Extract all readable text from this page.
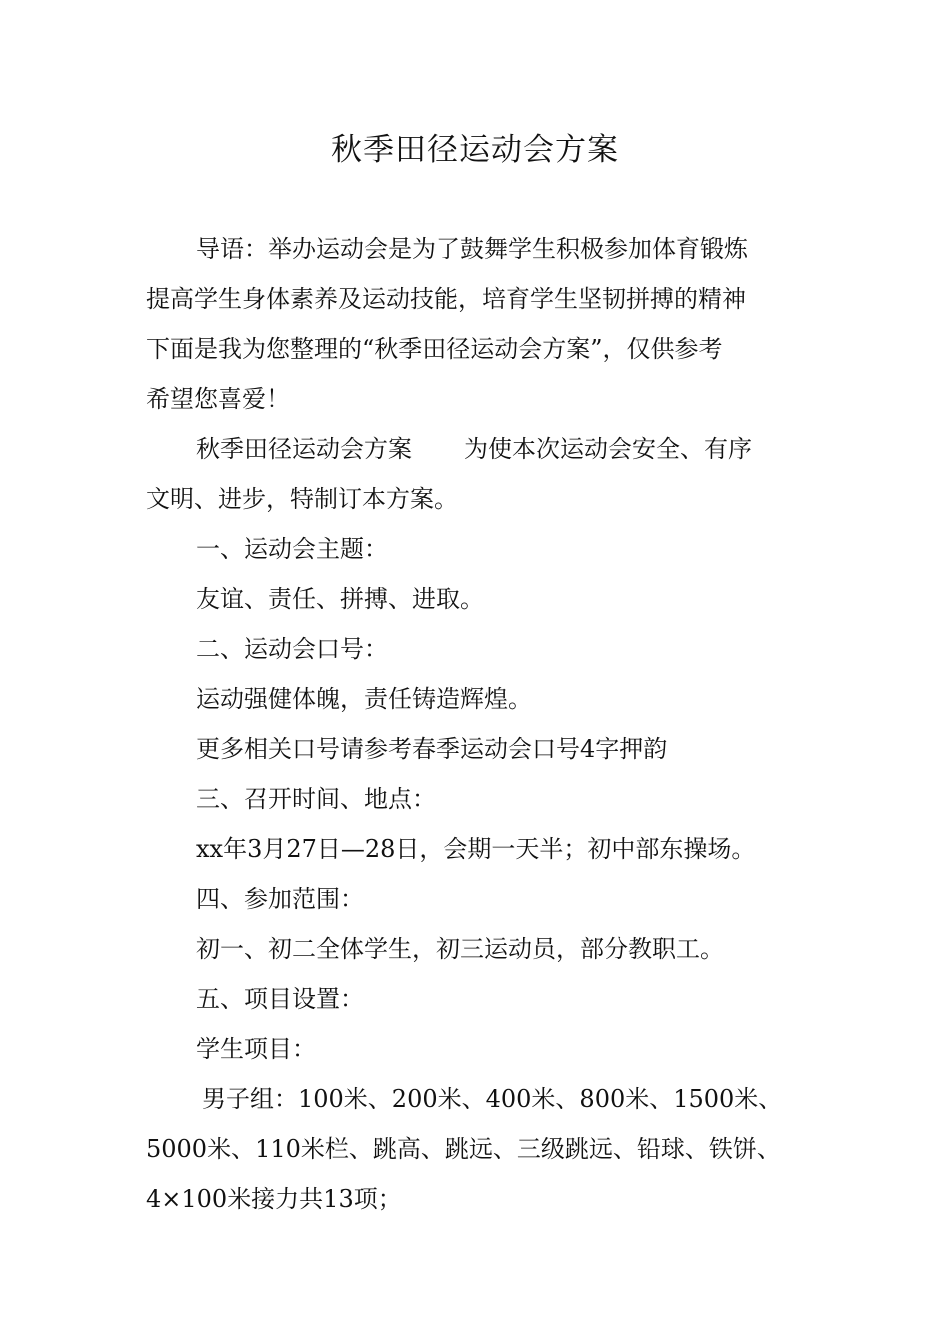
秋季田径运动会方案
导语：举办运动会是为了鼓舞学生积极参加体育锻炼
提高学生身体素养及运动技能，培育学生坚韧拼搏的精神
下面是我为您整理的“秋季田径运动会方案”，仅供参考
希望您喜爱！
秋季田径运动会方案 为使本次运动会安全、有序
文明、进步，特制订本方案。
一、运动会主题：
友谊、责任、拼搏、进取。
二、运动会口号：
运动强健体魄，责任铸造辉煌。
更多相关口号请参考春季运动会口号4字押韵
三、召开时间、地点：
xx年3月27日—28日，会期一天半；初中部东操场。
四、参加范围：
初一、初二全体学生，初三运动员，部分教职工。
五、项目设置：
学生项目：
男子组：100米、200米、400米、800米、1500米、
5000米、110米栏、跳高、跳远、三级跳远、铅球、铁饼、
4×100米接力共13项；
